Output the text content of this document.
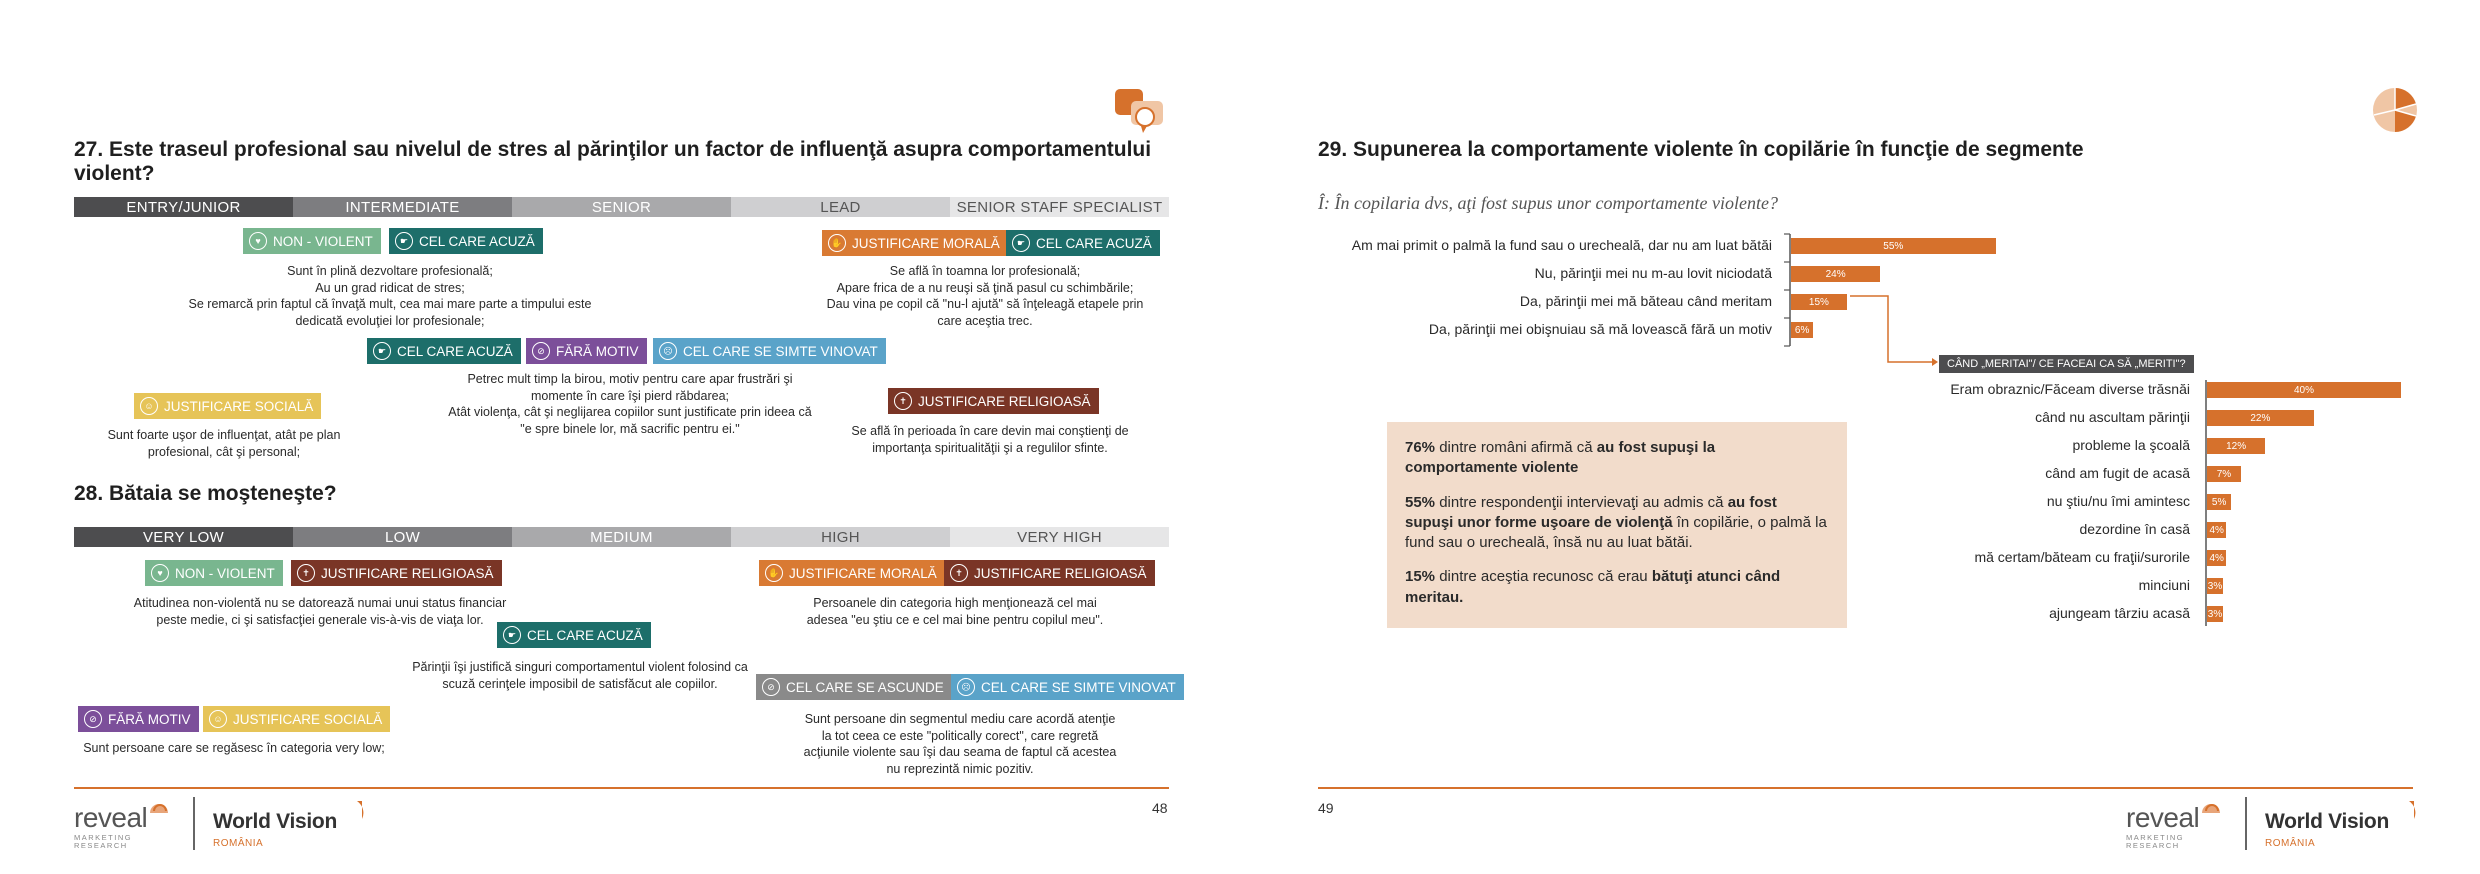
27. Este traseul profesional sau nivelul de stres al părinţilor un factor de influenţă asupra comportamentului
violent?
ENTRY/JUNIOR	INTERMEDIATE	SENIOR	LEAD	SENIOR STAFF SPECIALIST
♥ NON - VIOLENT	☛ CEL CARE ACUZĂ	✋ JUSTIFICARE MORALĂ	☛ CEL CARE ACUZĂ
Sunt în plină dezvoltare profesională;
Au un grad ridicat de stres;
Se remarcă prin faptul că învaţă mult, cea mai mare parte a timpului este
dedicată evoluţiei lor profesionale;
Se află în toamna lor profesională;
Apare frica de a nu reuşi să ţină pasul cu schimbările;
Dau vina pe copil că "nu-l ajută" să înţeleagă etapele prin
care aceştia trec.
☛ CEL CARE ACUZĂ	⊘ FĂRĂ MOTIV	☹ CEL CARE SE SIMTE VINOVAT
Petrec mult timp la birou, motiv pentru care apar frustrări şi
momente în care îşi pierd răbdarea;
Atât violenţa, cât şi neglijarea copiilor sunt justificate prin ideea că
"e spre binele lor, mă sacrific pentru ei."
☺ JUSTIFICARE SOCIALĂ	✝ JUSTIFICARE RELIGIOASĂ
Sunt foarte uşor de influenţat, atât pe plan
profesional, cât şi personal;
Se află în perioada în care devin mai conştienţi de
importanţa spiritualităţii şi a regulilor sfinte.
28. Bătaia se moşteneşte?
VERY LOW	LOW	MEDIUM	HIGH	VERY HIGH
♥ NON - VIOLENT	✝ JUSTIFICARE RELIGIOASĂ	✋ JUSTIFICARE MORALĂ	✝ JUSTIFICARE RELIGIOASĂ
Atitudinea non-violentă nu se datorează numai unui status financiar
peste medie, ci şi satisfacţiei generale vis-à-vis de viaţa lor.
Persoanele din categoria high menţionează cel mai
adesea "eu ştiu ce e cel mai bine pentru copilul meu".
☛ CEL CARE ACUZĂ
Părinţii îşi justifică singuri comportamentul violent folosind ca
scuză cerinţele imposibil de satisfăcut ale copiilor.	⊘ CEL CARE SE ASCUNDE	☹ CEL CARE SE SIMTE VINOVAT
⊘ FĂRĂ MOTIV	☺ JUSTIFICARE SOCIALĂ
Sunt persoane care se regăsesc în categoria very low;
Sunt persoane din segmentul mediu care acordă atenţie
la tot ceea ce este "politically corect", care regretă
acţiunile violente sau îşi dau seama de faptul că acestea
nu reprezintă nimic pozitiv.
48
reveal
MARKETING
RESEARCH
World Vision
ROMÂNIA
29. Supunerea la comportamente violente în copilărie în funcţie de segmente
Î: În copilaria dvs, aţi fost supus unor comportamente violente?
Am mai primit o palmă la fund sau o urecheală, dar nu am luat bătăi	55%
Nu, părinţii mei nu m-au lovit niciodată	24%
Da, părinţii mei mă băteau când meritam	15%
Da, părinţii mei obişnuiau să mă lovească fără un motiv 6%
CÂND „MERITAI"/ CE FACEAI CA SĂ „MERITI"?
Eram obraznic/Făceam diverse trăsnăi	40%
când nu ascultam părinţii	22%
probleme la şcoală	12%
când am fugit de acasă	7%
nu ştiu/nu îmi amintesc 5%
dezordine în casă 4%
mă certam/băteam cu fraţii/surorile 4%
minciuni 3%
ajungeam târziu acasă 3%

76% dintre români afirmă că au fost supuşi la comportamente violente

55% dintre respondenţii intervievaţi au admis că au fost supuşi unor forme uşoare de violenţă în copilărie, o palmă la fund sau o urecheală, însă nu au luat bătăi.

15% dintre aceştia recunosc că erau bătuţi atunci când meritau.

49	reveal
MARKETING
RESEARCH
World Vision
ROMÂNIA
